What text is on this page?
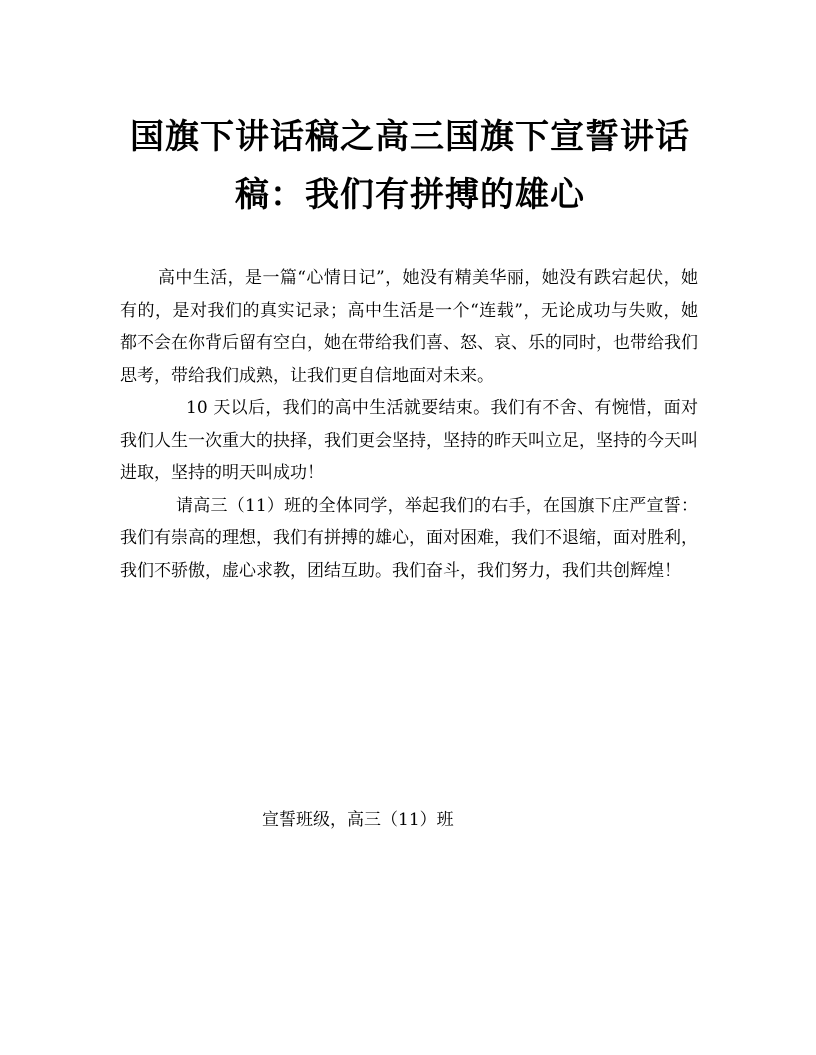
国旗下讲话稿之高三国旗下宣誓讲话稿：我们有拼搏的雄心

高中生活，是一篇“心情日记”，她没有精美华丽，她没有跌宕起伏，她有的，是对我们的真实记录；高中生活是一个“连载”，无论成功与失败，她都不会在你背后留有空白，她在带给我们喜、怒、哀、乐的同时，也带给我们思考，带给我们成熟，让我们更自信地面对未来。

10 天以后，我们的高中生活就要结束。我们有不舍、有惋惜，面对我们人生一次重大的抉择，我们更会坚持，坚持的昨天叫立足，坚持的今天叫进取，坚持的明天叫成功！

请高三（11）班的全体同学，举起我们的右手，在国旗下庄严宣誓：我们有崇高的理想，我们有拼搏的雄心，面对困难，我们不退缩，面对胜利，我们不骄傲，虚心求教，团结互助。我们奋斗，我们努力，我们共创辉煌！

宣誓班级，高三（11）班
